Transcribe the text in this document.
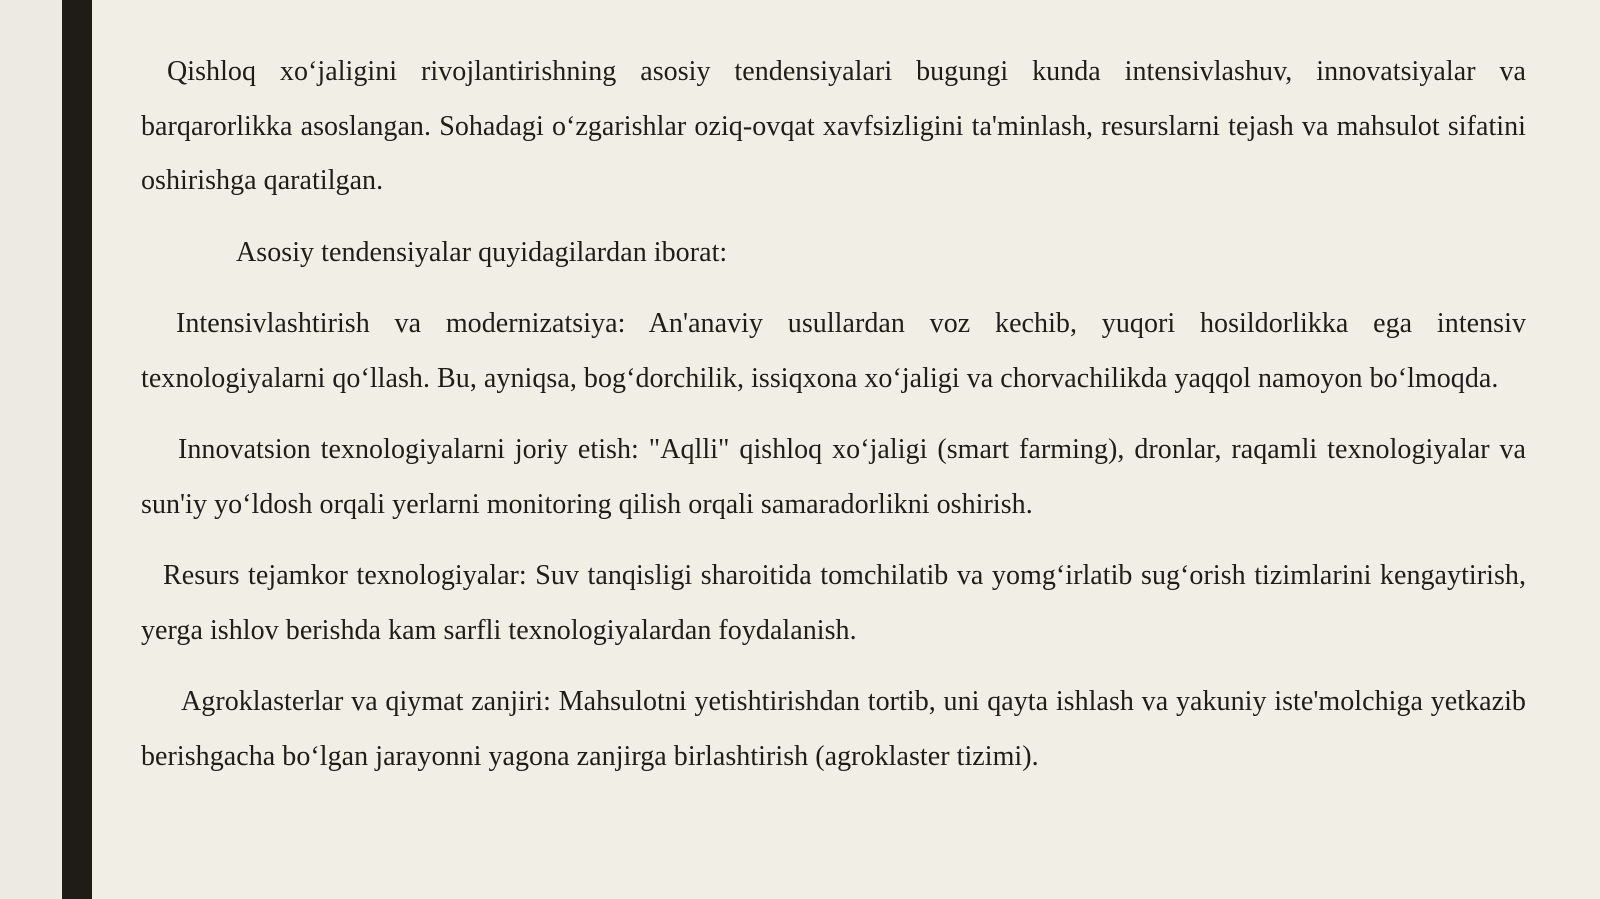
Qishloq xo‘jaligini rivojlantirishning asosiy tendensiyalari bugungi kunda intensivlashuv, innovatsiyalar va barqarorlikka asoslangan. Sohadagi o‘zgarishlar oziq-ovqat xavfsizligini ta'minlash, resurslarni tejash va mahsulot sifatini oshirishga qaratilgan.

Asosiy tendensiyalar quyidagilardan iborat:

Intensivlashtirish va modernizatsiya: An'anaviy usullardan voz kechib, yuqori hosildorlikka ega intensiv texnologiyalarni qo‘llash. Bu, ayniqsa, bog‘dorchilik, issiqxona xo‘jaligi va chorvachilikda yaqqol namoyon bo‘lmoqda.

Innovatsion texnologiyalarni joriy etish: "Aqlli" qishloq xo‘jaligi (smart farming), dronlar, raqamli texnologiyalar va sun'iy yo‘ldosh orqali yerlarni monitoring qilish orqali samaradorlikni oshirish.

Resurs tejamkor texnologiyalar: Suv tanqisligi sharoitida tomchilatib va yomg‘irlatib sug‘orish tizimlarini kengaytirish, yerga ishlov berishda kam sarfli texnologiyalardan foydalanish.

Agroklasterlar va qiymat zanjiri: Mahsulotni yetishtirishdan tortib, uni qayta ishlash va yakuniy iste'molchiga yetkazib berishgacha bo‘lgan jarayonni yagona zanjirga birlashtirish (agroklaster tizimi).
